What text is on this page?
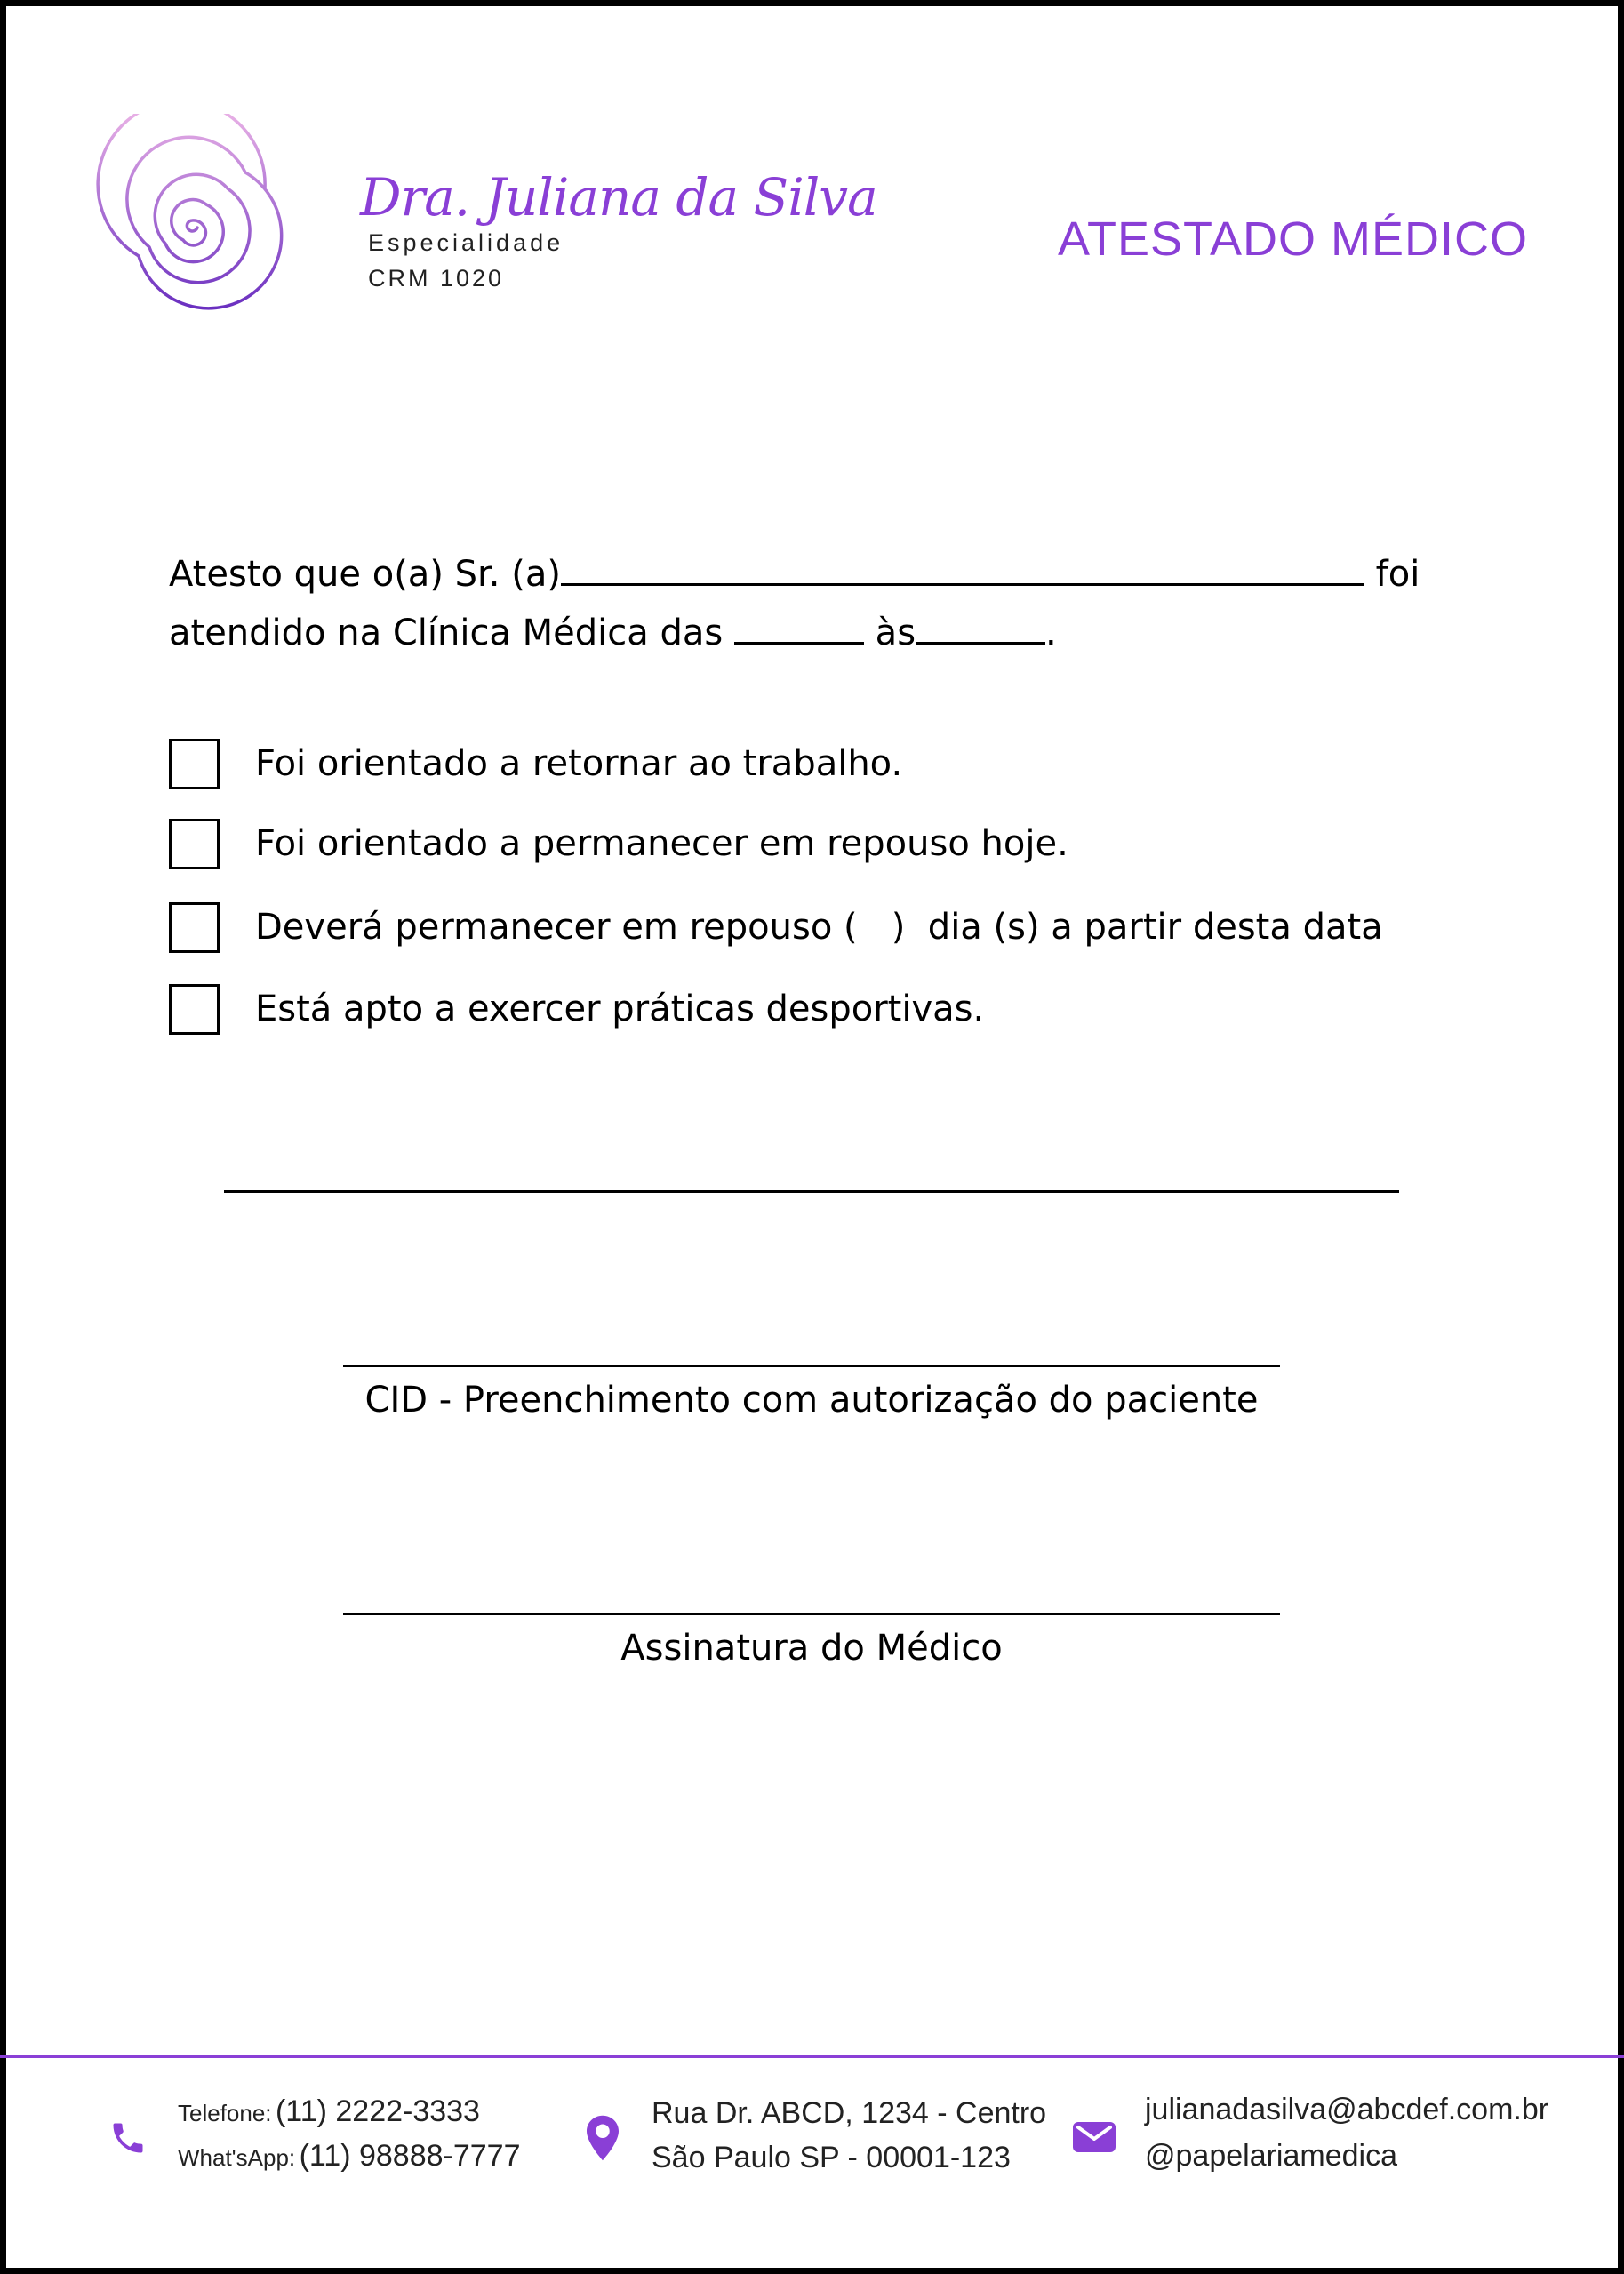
Dra. Juliana da Silva
Especialidade
CRM 1020
ATESTADO MÉDICO
Atesto que o(a) Sr. (a)	foi
atendido na Clínica Médica das	às	.
Foi orientado a retornar ao trabalho.
Foi orientado a permanecer em repouso hoje.
Deverá permanecer em repouso (   )  dia (s) a partir desta data
Está apto a exercer práticas desportivas.
CID - Preenchimento com autorização do paciente
Assinatura do Médico
Telefone: (11) 2222-3333
What'sApp: (11) 98888-7777
Rua Dr. ABCD, 1234 - Centro
São Paulo SP - 00001-123
julianadasilva@abcdef.com.br
@papelariamedica
